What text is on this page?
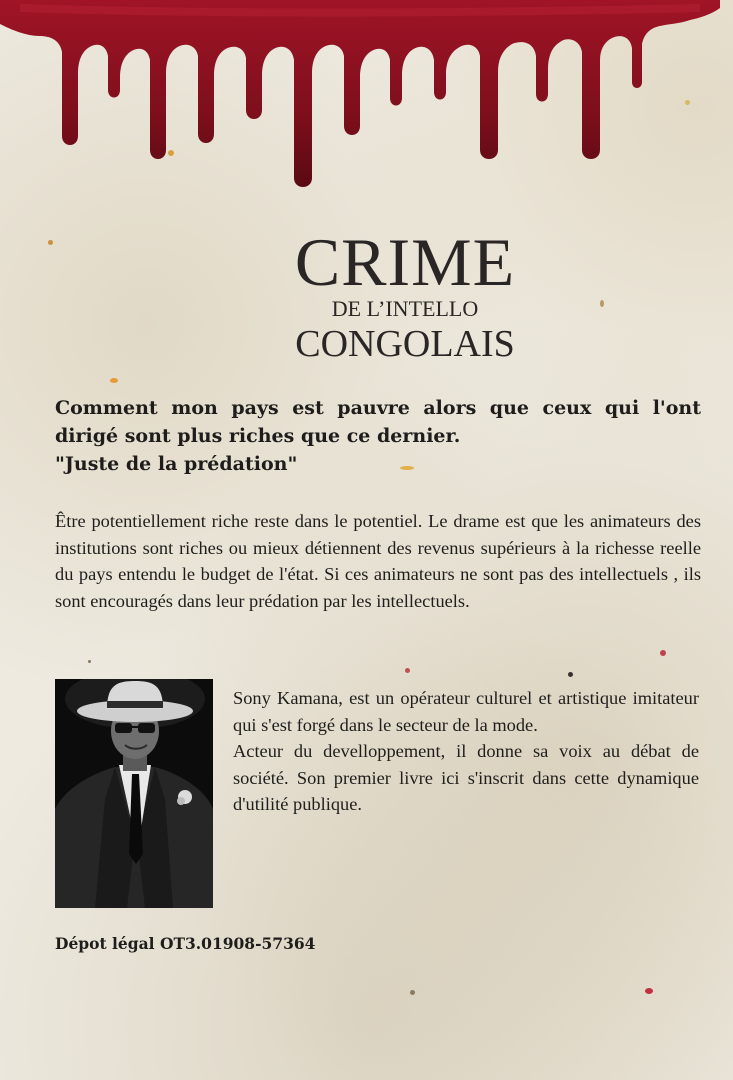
CRIME
DE L’INTELLO
CONGOLAIS
Comment mon pays est pauvre alors que ceux qui l'ont
dirigé sont plus riches que ce dernier.
"Juste de la prédation"
Être potentiellement riche reste dans le potentiel. Le drame est que les animateurs des institutions sont riches ou mieux détiennent des revenus supérieurs à la richesse reelle du pays entendu le budget de l'état. Si ces animateurs ne sont pas des intellectuels , ils sont encouragés dans leur prédation par les intellectuels.

Sony Kamana, est un opérateur culturel et artistique imitateur qui s'est forgé dans le secteur de la mode.

Acteur du develloppement, il donne sa voix au débat de société. Son premier livre ici s'inscrit dans cette dynamique d'utilité publique.

Dépot légal OT3.01908-57364
